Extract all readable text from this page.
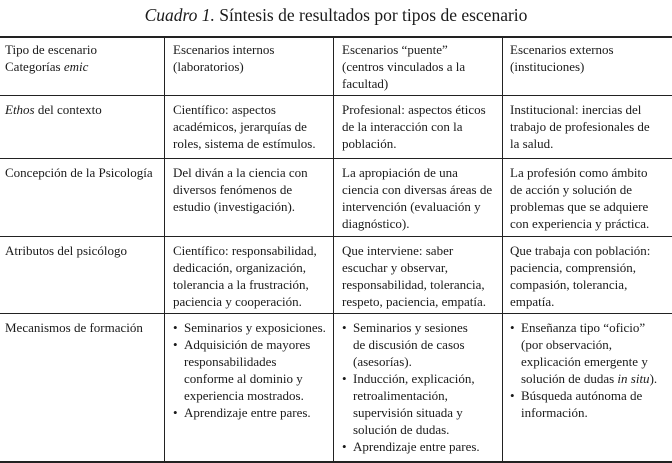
Cuadro 1. Síntesis de resultados por tipos de escenario
Tipo de escenario
Categorías emic
Escenarios internos
(laboratorios)
Escenarios “puente”
(centros vinculados a la
facultad)
Escenarios externos
(instituciones)
Ethos del contexto	Científico: aspectos
académicos, jerarquías de
roles, sistema de estímulos.
Profesional: aspectos éticos
de la interacción con la
población.
Institucional: inercias del
trabajo de profesionales de
la salud.
Concepción de la Psicología Del diván a la ciencia con
diversos fenómenos de
estudio (investigación).
La apropiación de una
ciencia con diversas áreas de
intervención (evaluación y
diagnóstico).
La profesión como ámbito
de acción y solución de
problemas que se adquiere
con experiencia y práctica.
Atributos del psicólogo	Científico: responsabilidad,
dedicación, organización,
tolerancia a la frustración,
paciencia y cooperación.
Que interviene: saber
escuchar y observar,
responsabilidad, tolerancia,
respeto, paciencia, empatía.
Que trabaja con población:
paciencia, comprensión,
compasión, tolerancia,
empatía.
Mecanismos de formación
•	Seminarios y exposiciones.
• Adquisición de mayores
responsabilidades
conforme al dominio y
experiencia mostrados.
• Aprendizaje entre pares.
• Seminarios y sesiones
de discusión de casos
(asesorías).
• Inducción, explicación,
retroalimentación,
supervisión situada y
solución de dudas.
• Aprendizaje entre pares.
• Enseñanza tipo “oficio”
(por observación,
explicación emergente y
solución de dudas in situ).
• Búsqueda autónoma de
información.
